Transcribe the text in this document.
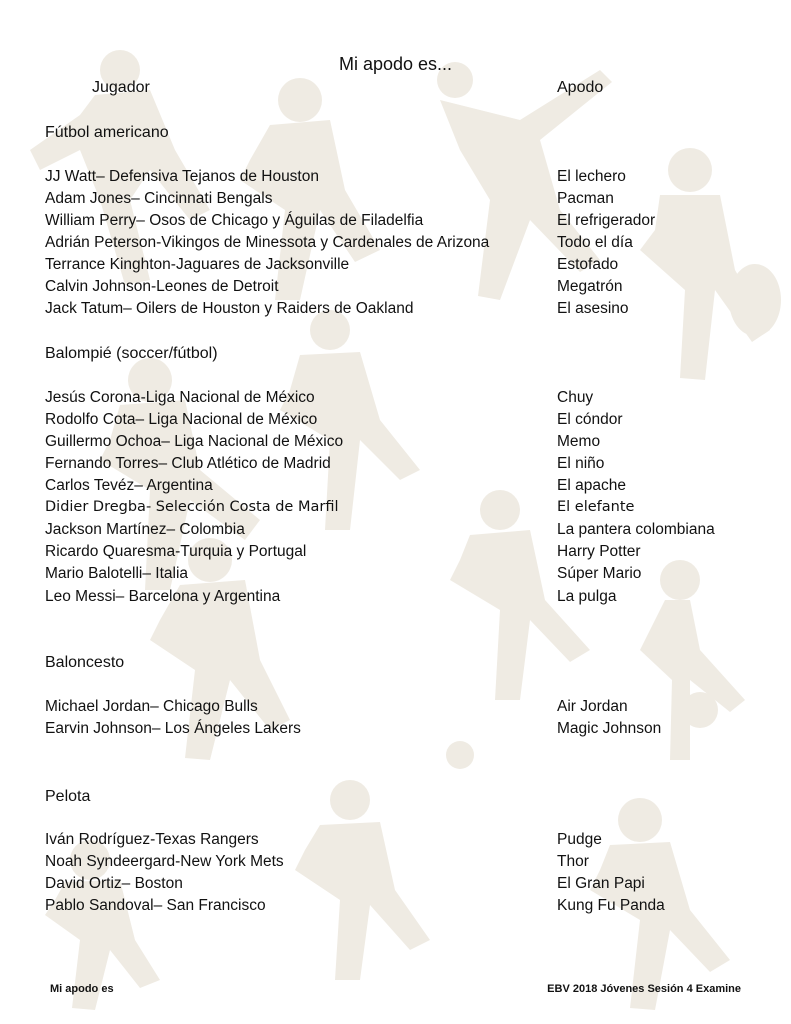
Mi apodo es...
Jugador	Apodo
Fútbol americano
JJ Watt– Defensiva Tejanos de Houston	El lechero
Adam Jones– Cincinnati Bengals	Pacman
William Perry– Osos de Chicago y Águilas de Filadelfia	El refrigerador
Adrián Peterson-Vikingos de Minessota y Cardenales de Arizona	Todo el día
Terrance Kinghton-Jaguares de Jacksonville	Estofado
Calvin Johnson-Leones de Detroit	Megatrón
Jack Tatum– Oilers de Houston y Raiders de Oakland	El asesino
Balompié (soccer/fútbol)
Jesús Corona-Liga Nacional de México	Chuy
Rodolfo Cota– Liga Nacional de México	El cóndor
Guillermo Ochoa– Liga Nacional de México	Memo
Fernando Torres– Club Atlético de Madrid	El niño
Carlos Tevéz– Argentina	El apache
Didier Dregba- Selección Costa de Marfil	El elefante
Jackson Martínez– Colombia	La pantera colombiana
Ricardo Quaresma-Turquia y Portugal	Harry Potter
Mario Balotelli– Italia	Súper Mario
Leo Messi– Barcelona y Argentina	La pulga
Baloncesto
Michael Jordan– Chicago Bulls	Air Jordan
Earvin Johnson– Los Ángeles Lakers	Magic Johnson
Pelota
Iván Rodríguez-Texas Rangers	Pudge
Noah Syndeergard-New York Mets	Thor
David Ortiz– Boston	El Gran Papi
Pablo Sandoval– San Francisco	Kung Fu Panda
Mi apodo es	EBV 2018 Jóvenes Sesión 4 Examine
